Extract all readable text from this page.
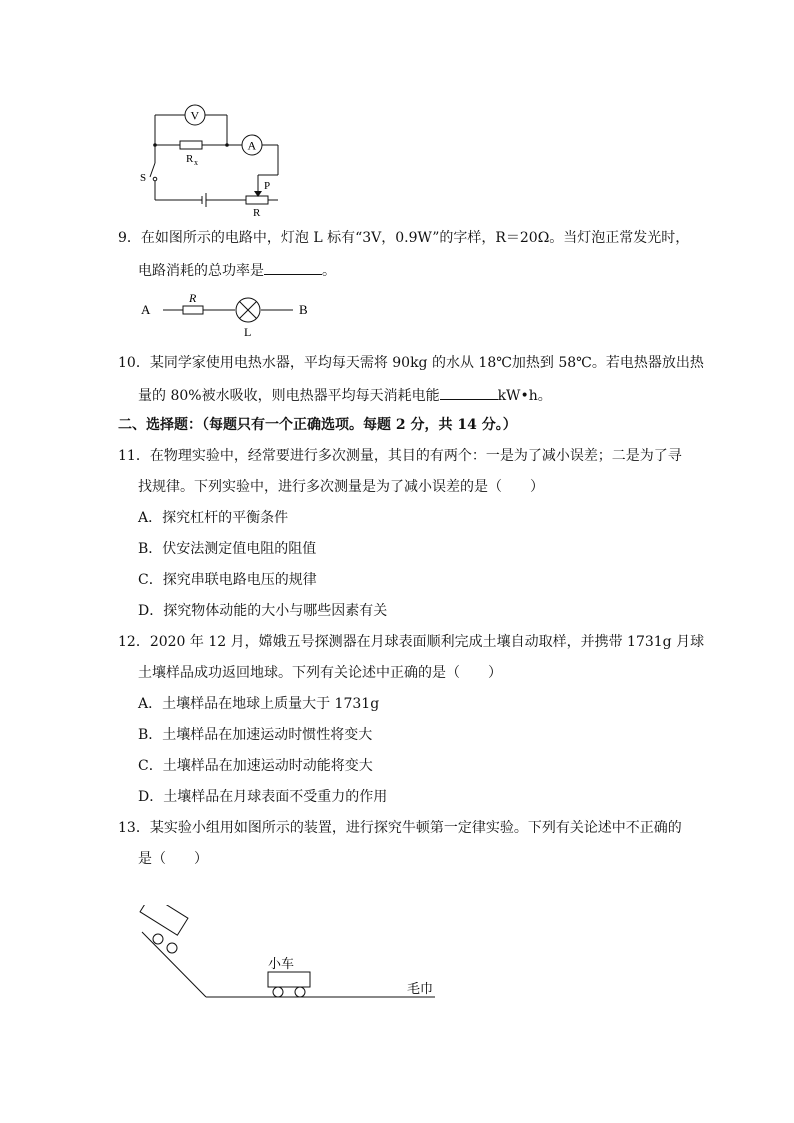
V
A
R x
S
P
R
9．在如图所示的电路中，灯泡 L 标有“3V，0.9W”的字样，R＝20Ω。当灯泡正常发光时，
电路消耗的总功率是	。
A
R
L
B
10．某同学家使用电热水器，平均每天需将 90kg 的水从 18℃加热到 58℃。若电热器放出热
量的 80%被水吸收，则电热器平均每天消耗电能	kW•h。
二、选择题：（每题只有一个正确选项。每题 2 分，共 14 分。）
11．在物理实验中，经常要进行多次测量，其目的有两个：一是为了减小误差；二是为了寻
找规律。下列实验中，进行多次测量是为了减小误差的是（　　）
A．探究杠杆的平衡条件
B．伏安法测定值电阻的阻值
C．探究串联电路电压的规律
D．探究物体动能的大小与哪些因素有关
12．2020 年 12 月，嫦娥五号探测器在月球表面顺利完成土壤自动取样，并携带 1731g 月球
土壤样品成功返回地球。下列有关论述中正确的是（　　）
A．土壤样品在地球上质量大于 1731g
B．土壤样品在加速运动时惯性将变大
C．土壤样品在加速运动时动能将变大
D．土壤样品在月球表面不受重力的作用
13．某实验小组用如图所示的装置，进行探究牛顿第一定律实验。下列有关论述中不正确的
是（　　）
小车
毛巾
